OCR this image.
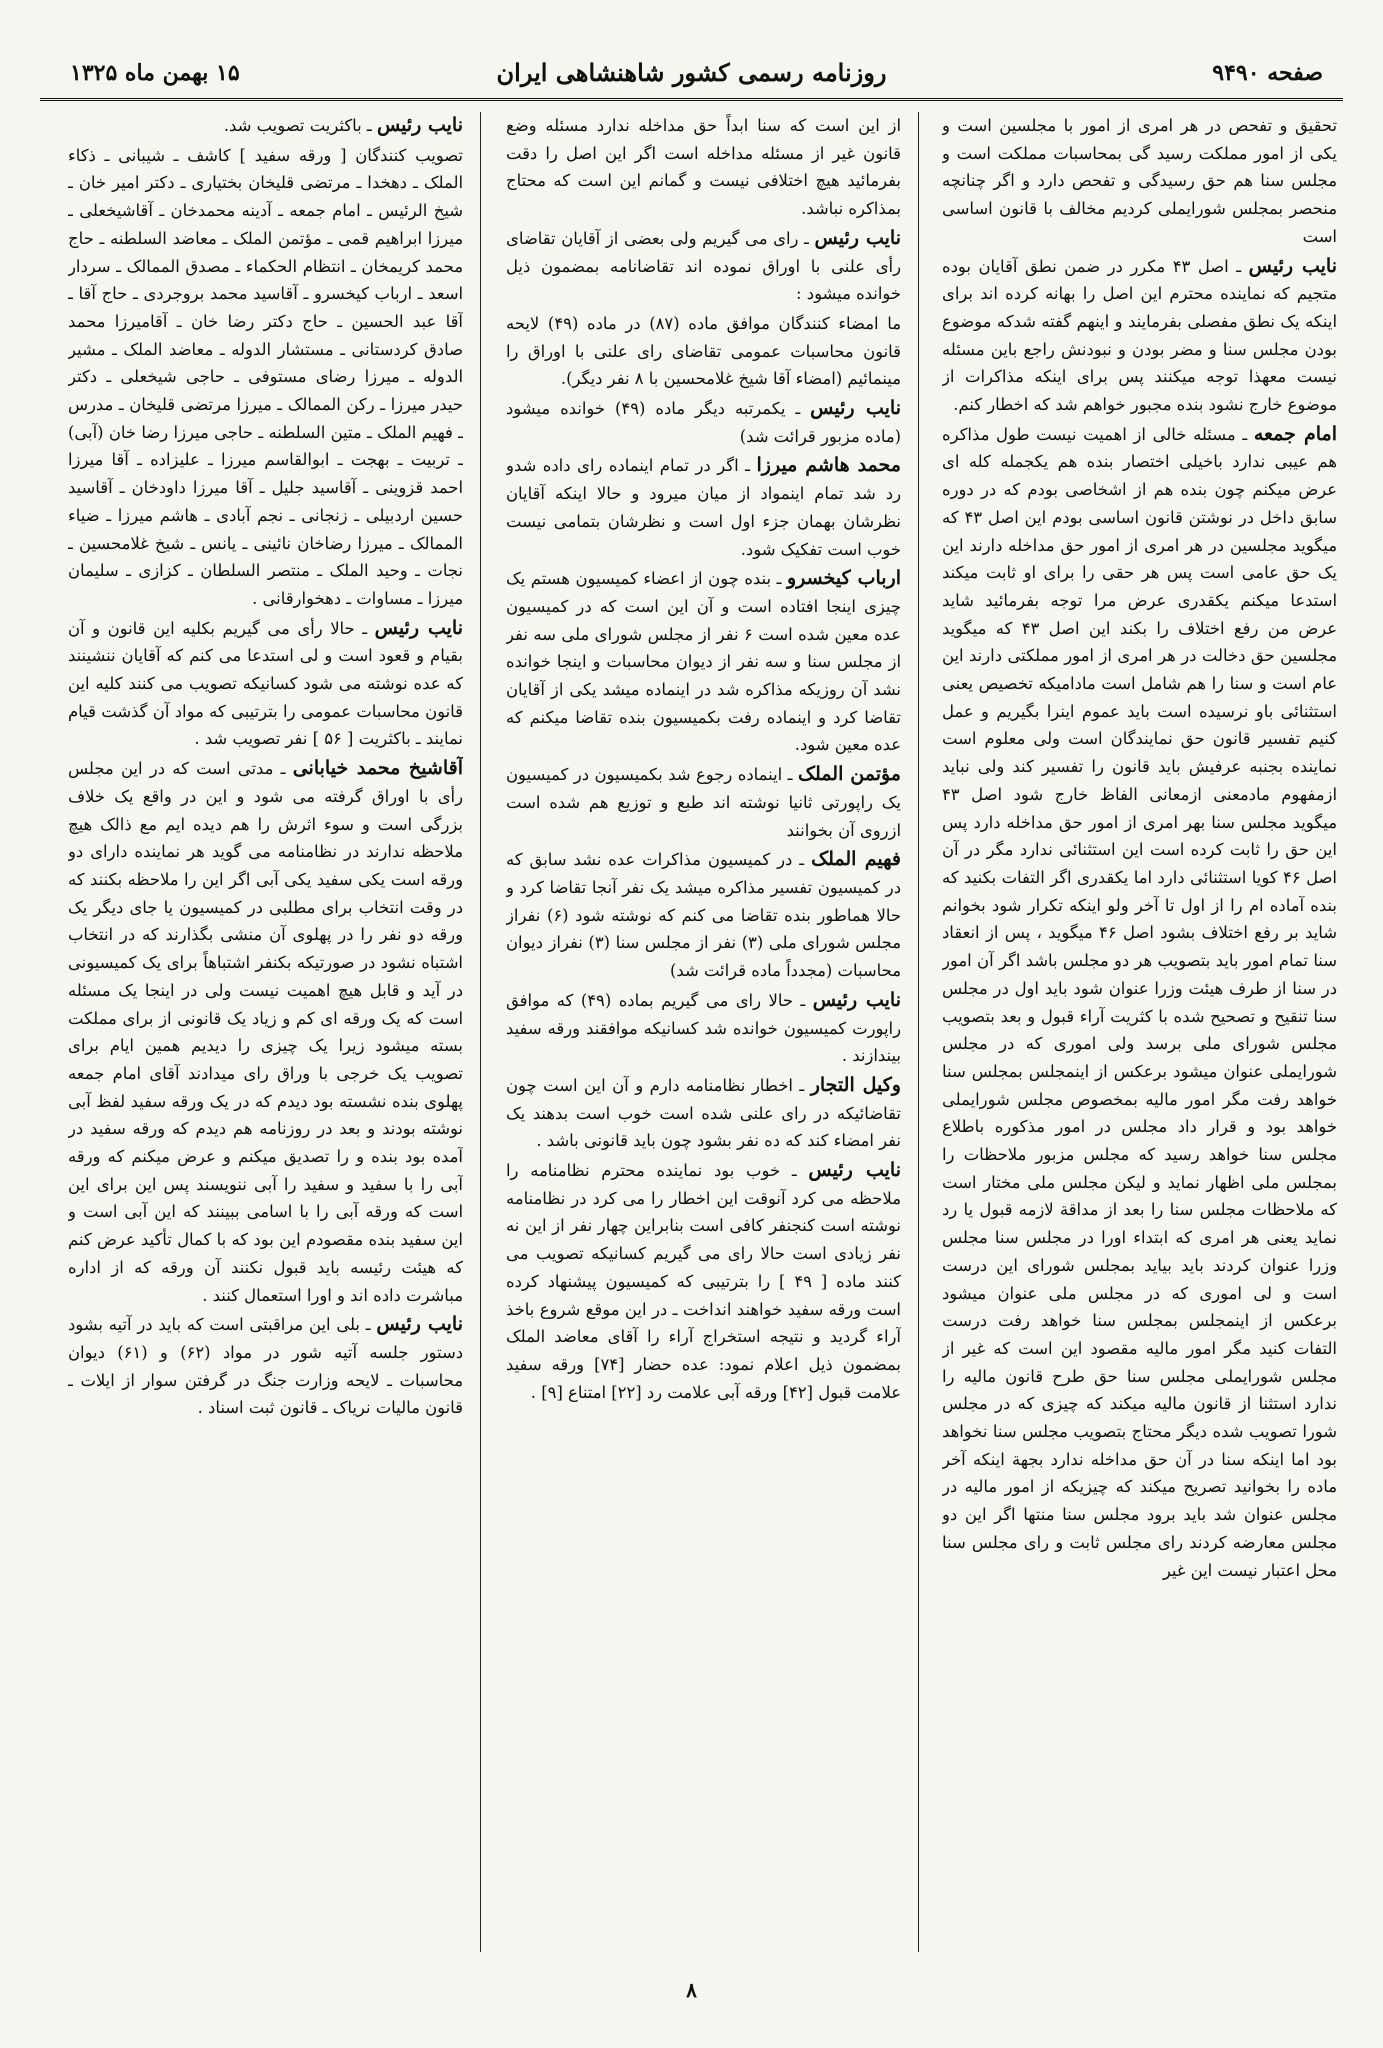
۱۵ بهمن ماه ۱۳۲۵	روزنامه رسمی کشور شاهنشاهی ایران	صفحه ۹۴۹۰

تحقیق و تفحص در هر امری از امور با مجلسین است و یکی از امور مملکت رسید گی بمحاسبات مملکت است و مجلس سنا هم حق رسیدگی و تفحص دارد و اگر چنانچه منحصر بمجلس شورایملی کردیم مخالف با قانون اساسی است

نایب رئیس ـ اصل ۴۳ مکرر در ضمن نطق آقایان بوده متجیم که نماینده محترم این اصل را بهانه کرده اند برای اینکه یک نطق مفصلی بفرمایند و اینهم گفته شدکه موضوع بودن مجلس سنا و مضر بودن و نبودنش راجع باین مسئله نیست معهذا توجه میکنند پس برای اینکه مذاکرات از موضوع خارج نشود بنده مجبور خواهم شد که اخطار کنم.

امام جمعه ـ مسئله خالی از اهمیت نیست طول مذاکره هم عیبی ندارد باخیلی اختصار بنده هم یکجمله کله ای عرض میکنم چون بنده هم از اشخاصی بودم که در دوره سابق داخل در نوشتن قانون اساسی بودم این اصل ۴۳ که میگوید مجلسین در هر امری از امور حق مداخله دارند این یک حق عامی است پس هر حقی را برای او ثابت میکند استدعا میکنم یکقدری عرض مرا توجه بفرمائید شاید عرض من رفع اختلاف را بکند این اصل ۴۳ که میگوید مجلسین حق دخالت در هر امری از امور مملکتی دارند این عام است و سنا را هم شامل است مادامیکه تخصیص یعنی استثنائی باو نرسیده است باید عموم اینرا بگیریم و عمل کنیم تفسیر قانون حق نمایندگان است ولی معلوم است نماینده بجنبه عرفیش باید قانون را تفسیر کند ولی نباید ازمفهوم مادمعنی ازمعانی الفاظ خارج شود اصل ۴۳ میگوید مجلس سنا بهر امری از امور حق مداخله دارد پس این حق را ثابت کرده است این استثنائی ندارد مگر در آن اصل ۴۶ کویا استثنائی دارد اما یکقدری اگر التفات بکنید که بنده آماده ام را از اول تا آخر ولو اینکه تکرار شود بخوانم شاید بر رفع اختلاف بشود اصل ۴۶ میگوید ، پس از انعقاد سنا تمام امور باید بتصویب هر دو مجلس باشد اگر آن امور در سنا از طرف هیئت وزرا عنوان شود باید اول در مجلس سنا تنقیح و تصحیح شده با کثریت آراء قبول و بعد بتصویب مجلس شورای ملی برسد ولی اموری که در مجلس شورایملی عنوان میشود برعکس از اینمجلس بمجلس سنا خواهد رفت مگر امور مالیه بمخصوص مجلس شورایملی خواهد بود و قرار داد مجلس در امور مذکوره باطلاع مجلس سنا خواهد رسید که مجلس مزبور ملاحظات را بمجلس ملی اظهار نماید و لیکن مجلس ملی مختار است که ملاحظات مجلس سنا را بعد از مداقة لازمه قبول یا رد نماید یعنی هر امری که ابتداء اورا در مجلس سنا مجلس وزرا عنوان کردند باید بیاید بمجلس شورای این درست است و لی اموری که در مجلس ملی عنوان میشود برعکس از اینمجلس بمجلس سنا خواهد رفت درست التفات کنید مگر امور مالیه مقصود این است که غیر از مجلس شورایملی مجلس سنا حق طرح قانون مالیه را ندارد استثنا از قانون مالیه میکند که چیزی که در مجلس شورا تصویب شده دیگر محتاج بتصویب مجلس سنا نخواهد بود اما اینکه سنا در آن حق مداخله ندارد بجهة اینکه آخر ماده را بخوانید تصریح میکند که چیزیکه از امور مالیه در مجلس عنوان شد باید برود مجلس سنا منتها اگر این دو مجلس معارضه کردند رای مجلس ثابت و رای مجلس سنا محل اعتبار نیست این غیر

از این است که سنا ابداً حق مداخله ندارد مسئله وضع قانون غیر از مسئله مداخله است اگر این اصل را دقت بفرمائید هیچ اختلافی نیست و گمانم این است که محتاج بمذاکره نباشد.

نایب رئیس ـ رای می گیریم ولی بعضی از آقایان تقاضای رأی علنی با اوراق نموده اند تقاضانامه بمضمون ذیل خوانده میشود :

ما امضاء کنندگان موافق ماده (۸۷) در ماده (۴۹) لایحه قانون محاسبات عمومی تقاضای رای علنی با اوراق را مینمائیم (امضاء آقا شیخ غلامحسین با ۸ نفر دیگر).

نایب رئیس ـ یکمرتبه دیگر ماده (۴۹) خوانده میشود (ماده مزبور قرائت شد)

محمد هاشم میرزا ـ اگر در تمام اینماده رای داده شدو رد شد تمام اینمواد از میان میرود و حالا اینکه آقایان نظرشان بهمان جزء اول است و نظرشان بتمامی نیست خوب است تفکیک شود.

ارباب کیخسرو ـ بنده چون از اعضاء کمیسیون هستم یک چیزی اینجا افتاده است و آن این است که در کمیسیون عده معین شده است ۶ نفر از مجلس شورای ملی سه نفر از مجلس سنا و سه نفر از دیوان محاسبات و اینجا خوانده نشد آن روزیکه مذاکره شد در اینماده میشد یکی از آقایان تقاضا کرد و اینماده رفت بکمیسیون بنده تقاضا میکنم که عده معین شود.

مؤتمن الملک ـ اینماده رجوع شد بکمیسیون در کمیسیون یک راپورتی ثانیا نوشته اند طبع و توزیع هم شده است ازروی آن بخوانند

فهیم الملک ـ در کمیسیون مذاکرات عده نشد سابق که در کمیسیون تفسیر مذاکره میشد یک نفر آنجا تقاضا کرد و حالا هماطور بنده تقاضا می کنم که نوشته شود (۶) نفراز مجلس شورای ملی (۳) نفر از مجلس سنا (۳) نفراز دیوان محاسبات (مجدداً ماده قرائت شد)

نایب رئیس ـ حالا رای می گیریم بماده (۴۹) که موافق راپورت کمیسیون خوانده شد کسانیکه موافقند ورقه سفید بیندازند .

وکیل التجار ـ اخطار نظامنامه دارم و آن این است چون تقاضائیکه در رای علنی شده است خوب است بدهند یک نفر امضاء کند که ده نفر بشود چون باید قانونی باشد .

نایب رئیس ـ خوب بود نماینده محترم نظامنامه را ملاحظه می کرد آنوقت این اخطار را می کرد در نظامنامه نوشته است کنجنفر کافی است بنابراین چهار نفر از این نه نفر زیادی است حالا رای می گیریم کسانیکه تصویب می کنند ماده [ ۴۹ ] را بترتیبی که کمیسیون پیشنهاد کرده است ورقه سفید خواهند انداخت ـ در این موقع شروع باخذ آراء گردید و نتیجه استخراج آراء را آقای معاضد الملک بمضمون ذیل اعلام نمود: عده حضار [۷۴] ورقه سفید علامت قبول [۴۲] ورقه آبی علامت رد [۲۲] امتناع [۹] .

نایب رئیس ـ باکثریت تصویب شد.

تصویب کنندگان [ ورقه سفید ] کاشف ـ شیبانی ـ ذکاء الملک ـ دهخدا ـ مرتضی قلیخان بختیاری ـ دکتر امیر خان ـ شیخ الرئیس ـ امام جمعه ـ آدینه محمدخان ـ آقاشیخعلی ـ میرزا ابراهیم قمی ـ مؤتمن الملک ـ معاضد السلطنه ـ حاج محمد کریمخان ـ انتظام الحکماء ـ مصدق الممالک ـ سردار اسعد ـ ارباب کیخسرو ـ آقاسید محمد بروجردی ـ حاج آقا ـ آقا عبد الحسین ـ حاج دکتر رضا خان ـ آقامیرزا محمد صادق کردستانی ـ مستشار الدوله ـ معاضد الملک ـ مشیر الدوله ـ میرزا رضای مستوفی ـ حاجی شیخعلی ـ دکتر حیدر میرزا ـ رکن الممالک ـ میرزا مرتضی قلیخان ـ مدرس ـ فهیم الملک ـ متین السلطنه ـ حاجی میرزا رضا خان (آبی) ـ تربیت ـ بهجت ـ ابوالقاسم میرزا ـ علیزاده ـ آقا میرزا احمد قزوینی ـ آقاسید جلیل ـ آقا میرزا داودخان ـ آقاسید حسین اردبیلی ـ زنجانی ـ نجم آبادی ـ هاشم میرزا ـ ضیاء الممالک ـ میرزا رضاخان نائینی ـ یانس ـ شیخ غلامحسین ـ نجات ـ وحید الملک ـ منتصر السلطان ـ کزازی ـ سلیمان میرزا ـ مساوات ـ دهخوارقانی .

نایب رئیس ـ حالا رأی می گیریم بکلیه این قانون و آن بقیام و قعود است و لی استدعا می کنم که آقایان ننشینند که عده نوشته می شود کسانیکه تصویب می کنند کلیه این قانون محاسبات عمومی را بترتیبی که مواد آن گذشت قیام نمایند ـ باکثریت [ ۵۶ ] نفر تصویب شد .

آقاشیخ محمد خیابانی ـ مدتی است که در این مجلس رأی با اوراق گرفته می شود و این در واقع یک خلاف بزرگی است و سوء اثرش را هم دیده ایم مع ذالک هیچ ملاحظه ندارند در نظامنامه می گوید هر نماینده دارای دو ورقه است یکی سفید یکی آبی اگر این را ملاحظه بکنند که در وقت انتخاب برای مطلبی در کمیسیون یا جای دیگر یک ورقه دو نفر را در پهلوی آن منشی بگذارند که در انتخاب اشتباه نشود در صورتیکه بکنفر اشتباهاً برای یک کمیسیونی در آید و قابل هیچ اهمیت نیست ولی در اینجا یک مسئله است که یک ورقه ای کم و زیاد یک قانونی از برای مملکت بسته میشود زیرا یک چیزی را دیدیم همین ایام برای تصویب یک خرجی با وراق رای میدادند آقای امام جمعه پهلوی بنده نشسته بود دیدم که در یک ورقه سفید لفظ آبی نوشته بودند و بعد در روزنامه هم دیدم که ورقه سفید در آمده بود بنده و را تصدیق میکنم و عرض میکنم که ورقه آبی را با سفید و سفید را آبی ننویسند پس این برای این است که ورقه آبی را با اسامی ببینند که این آبی است و این سفید بنده مقصودم این بود که با کمال تأکید عرض کنم که هیئت رئیسه باید قبول نکنند آن ورقه که از اداره مباشرت داده اند و اورا استعمال کنند .

نایب رئیس ـ بلی این مراقبتی است که باید در آتیه بشود دستور جلسه آتیه شور در مواد (۶۲) و (۶۱) دیوان محاسبات ـ لایحه وزارت جنگ در گرفتن سوار از ایلات ـ قانون مالیات نریاک ـ قانون ثبت اسناد .

۸
